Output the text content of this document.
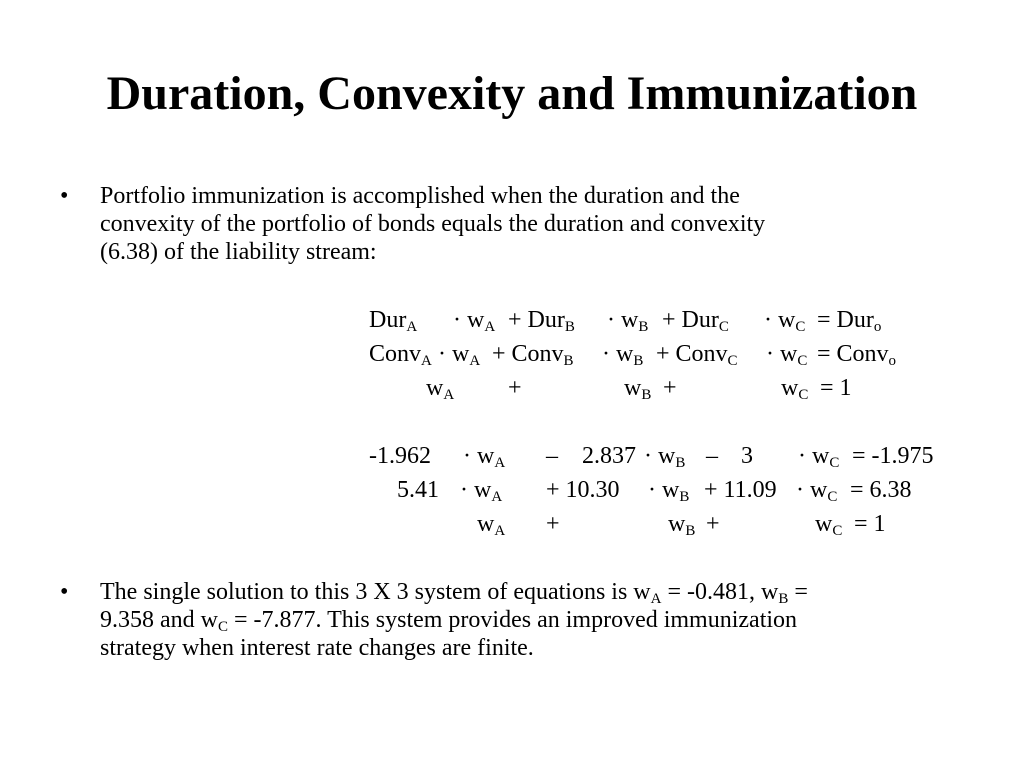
Duration, Convexity and Immunization
•	Portfolio immunization is accomplished when the duration and the
convexity of the portfolio of bonds equals the duration and convexity
(6.38) of the liability stream:
$Dur_A \cdot w_A + Dur_B \cdot w_B + Dur_C \cdot w_C = Dur_o$
Conv$_A$ · $w_A$ + Conv$_B$ · $w_B$ + Conv$_C$ · $w_C$ = Conv$_o$
$w_A$ +	$w_B$ +	$w_C = 1$
$-1.962 \cdot w_A - 2.837 \cdot w_B - 3 \cdot w_C = -1.975$
$5.41 \cdot w_A + 10.30 \cdot w_B + 11.09 \cdot w_C = 6.38$
$w_A$ +	$w_B$ +	$w_C = 1$
•	The single solution to this 3 X 3 system of equations is $w_A = -0.481$, $w_B$ =
9.358 and $w_C = -7.877$. This system provides an improved immunization
strategy when interest rate changes are finite.
